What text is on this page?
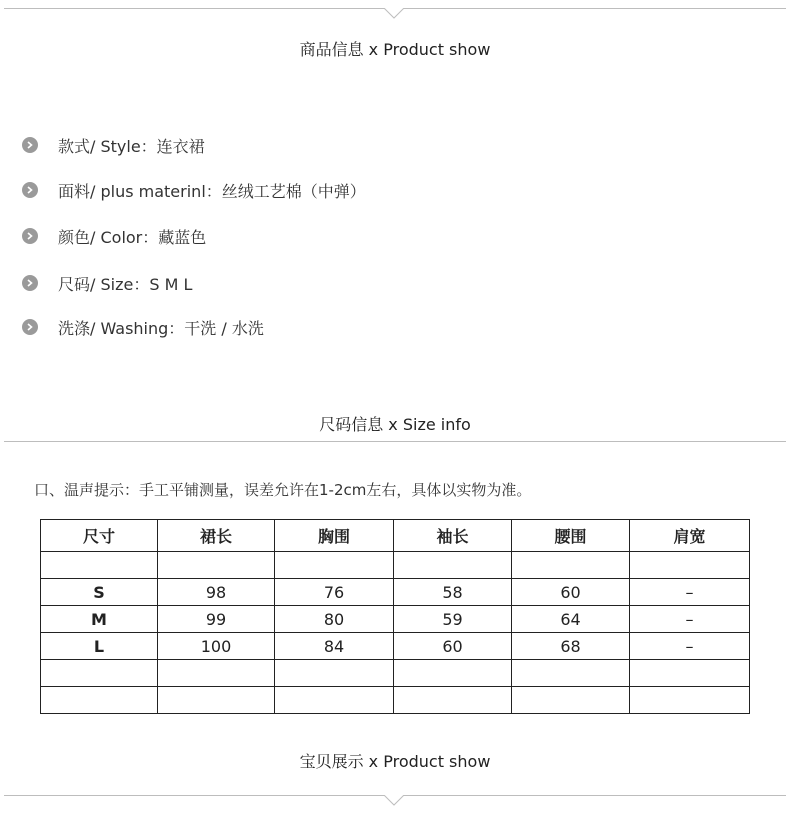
商品信息 x Product show
款式/ Style：连衣裙
面料/ plus materinl：丝绒工艺棉（中弹）
颜色/ Color：藏蓝色
尺码/ Size：S M L
洗涤/ Washing：干洗 / 水洗
尺码信息 x Size info
口、温声提示：手工平铺测量，误差允许在1-2cm左右，具体以实物为准。
尺寸	裙长	胸围	袖长	腰围	肩宽

S	98	76	58	60	–
M	99	80	59	64	–
L	100	84	60	68	–

宝贝展示 x Product show
